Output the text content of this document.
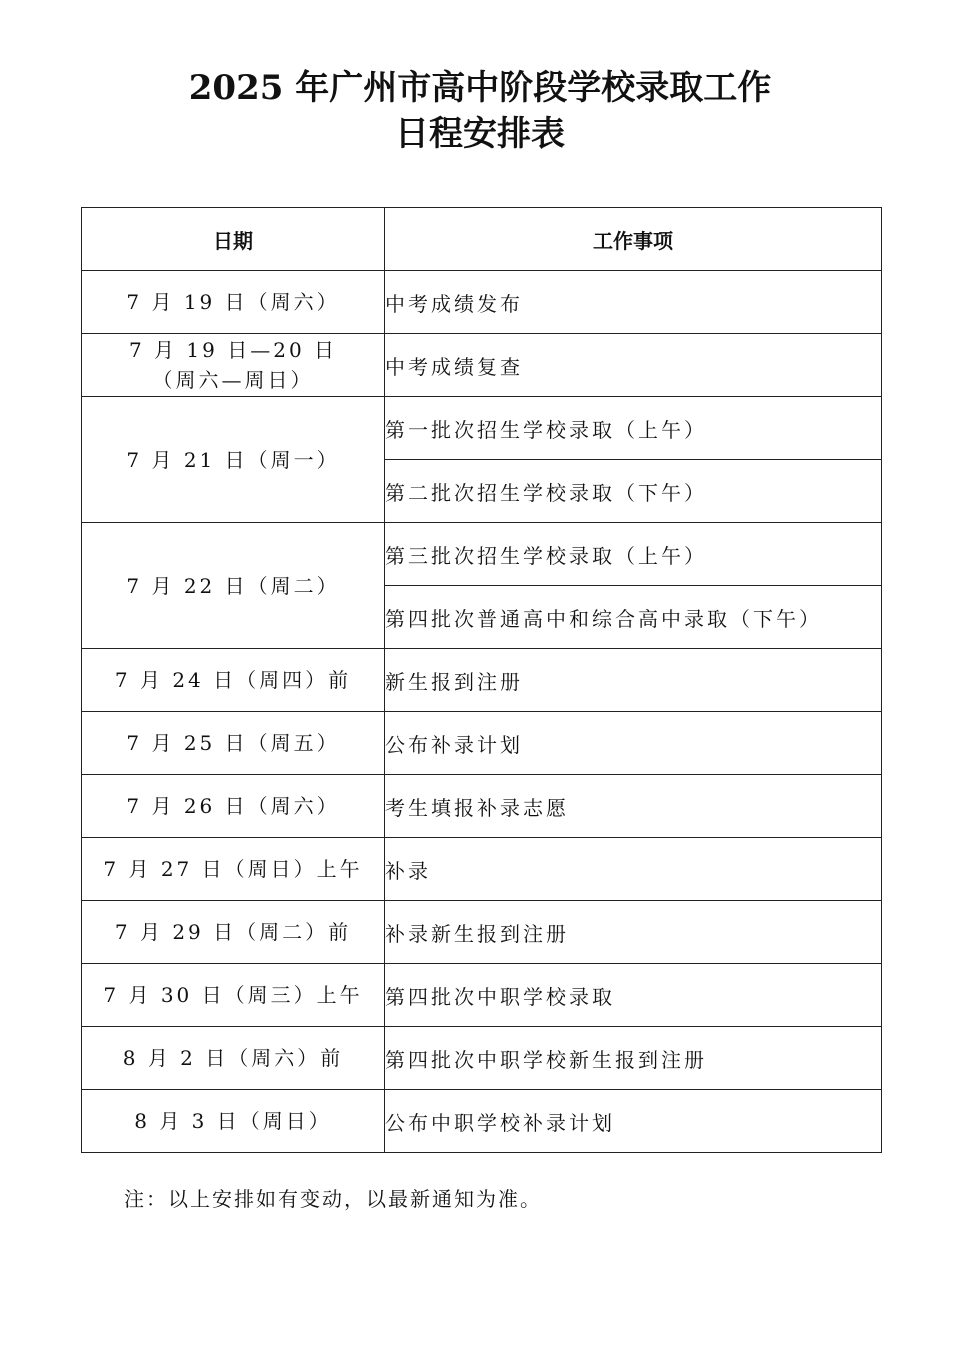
2025 年广州市高中阶段学校录取工作
日程安排表
日期	工作事项
7 月 19 日（周六）	中考成绩发布
7 月 19 日—20 日
（周六—周日）	中考成绩复查
7 月 21 日（周一）	第一批次招生学校录取（上午）
	第二批次招生学校录取（下午）
7 月 22 日（周二）	第三批次招生学校录取（上午）
	第四批次普通高中和综合高中录取（下午）
7 月 24 日（周四）前	新生报到注册
7 月 25 日（周五）	公布补录计划
7 月 26 日（周六）	考生填报补录志愿
7 月 27 日（周日）上午	补录
7 月 29 日（周二）前	补录新生报到注册
7 月 30 日（周三）上午	第四批次中职学校录取
8 月 2 日（周六）前	第四批次中职学校新生报到注册
8 月 3 日（周日）	公布中职学校补录计划

注：以上安排如有变动，以最新通知为准。
